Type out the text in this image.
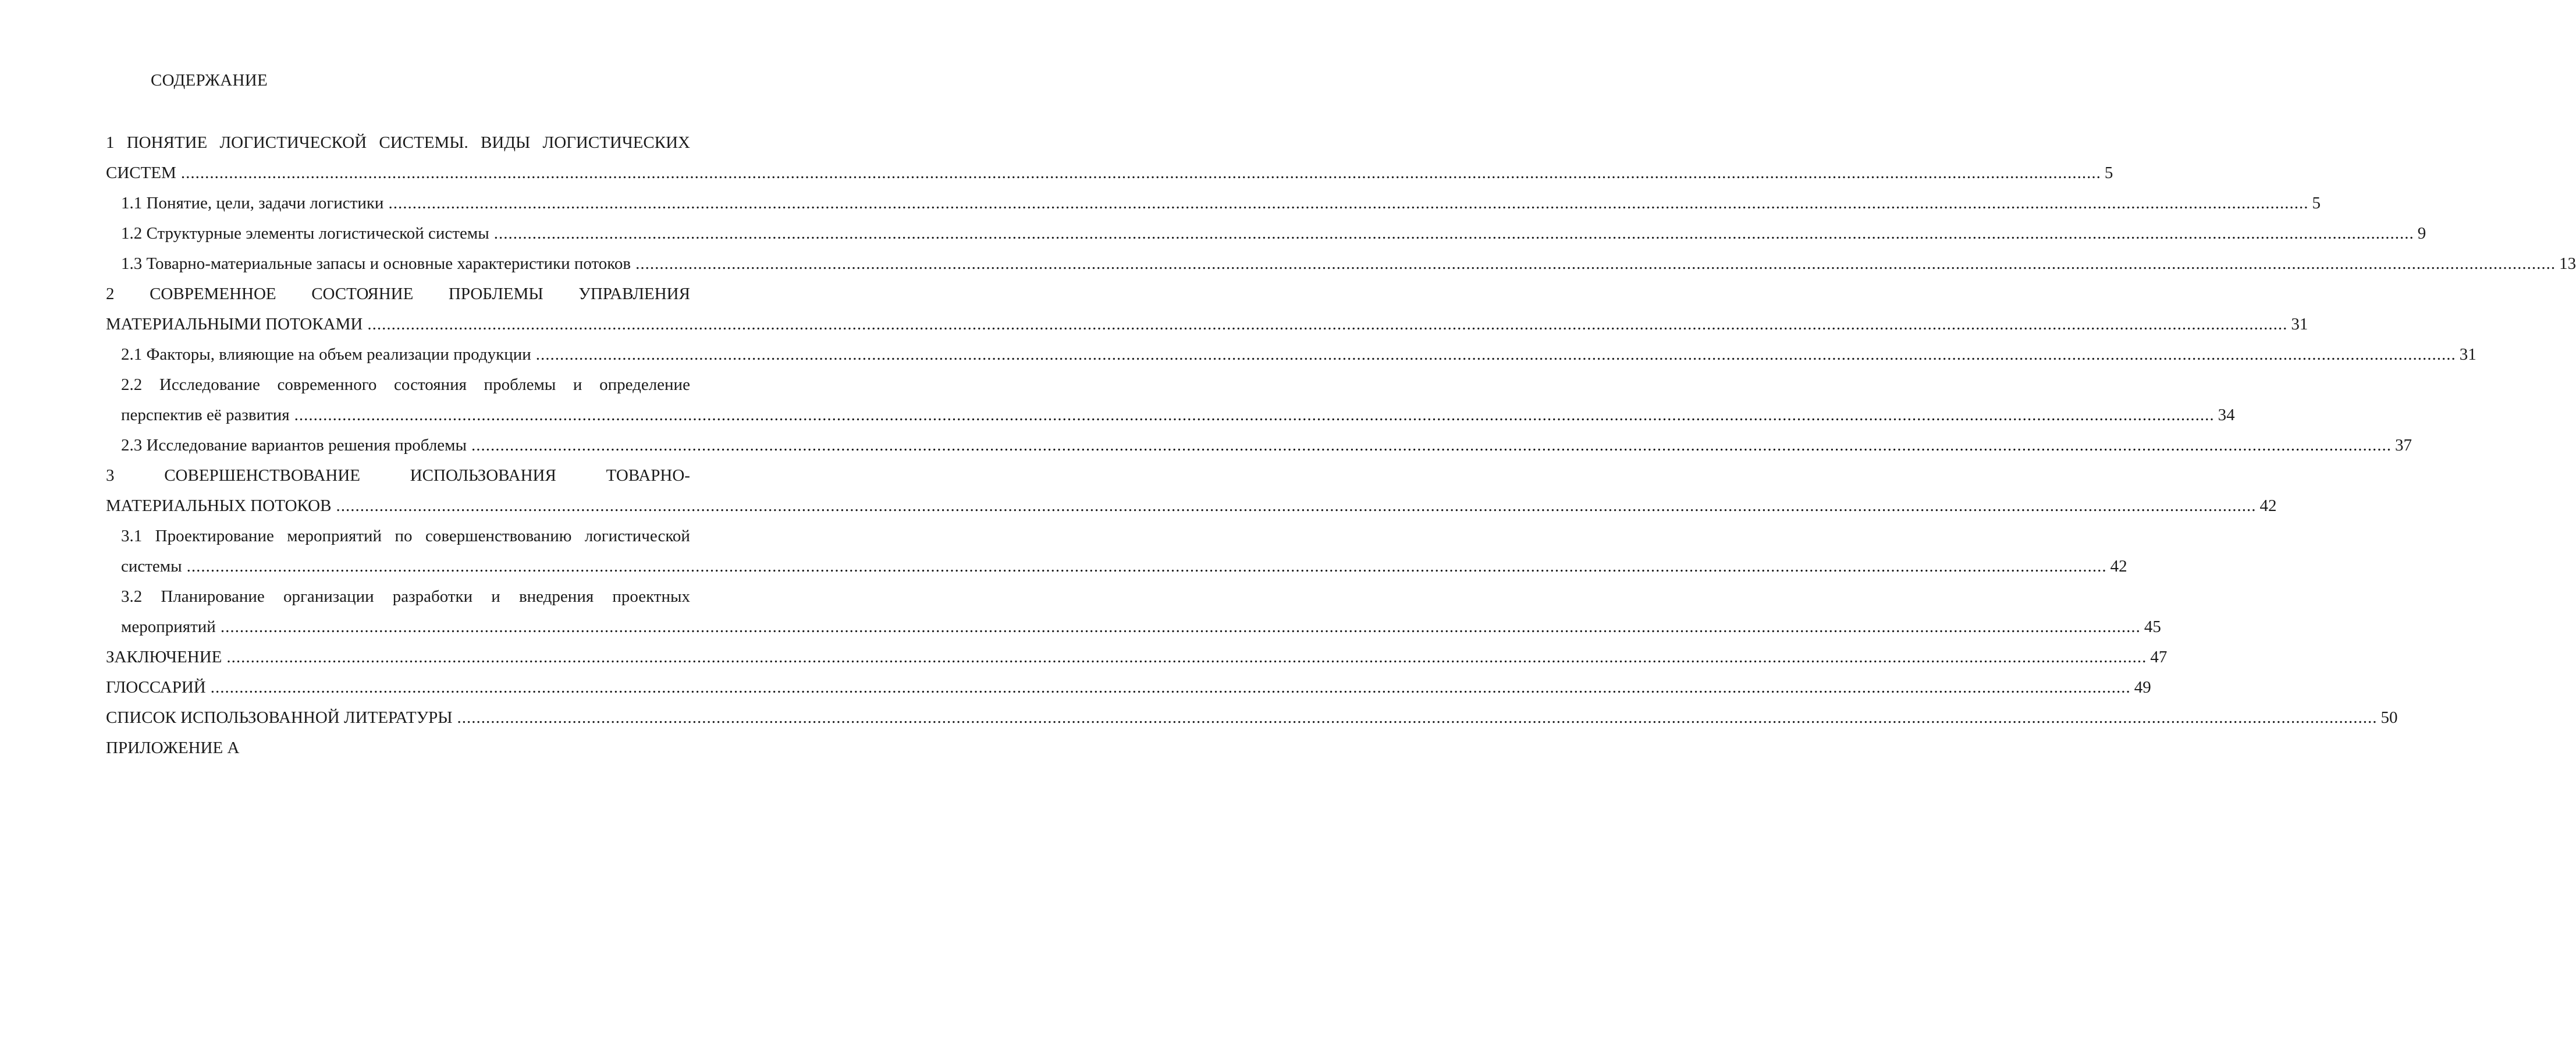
СОДЕРЖАНИЕ
1 ПОНЯТИЕ ЛОГИСТИЧЕСКОЙ СИСТЕМЫ. ВИДЫ ЛОГИСТИЧЕСКИХ
СИСТЕМ ................................................................................................................................................................................................................................................................................................................................................................................................................ 5
1.1 Понятие, цели, задачи логистики ................................................................................................................................................................................................................................................................................................................................................................................................................ 5
1.2 Структурные элементы логистической системы ................................................................................................................................................................................................................................................................................................................................................................................................................ 9
1.3 Товарно-материальные запасы и основные характеристики потоков ................................................................................................................................................................................................................................................................................................................................................................................................................ 13
2 СОВРЕМЕННОЕ СОСТОЯНИЕ ПРОБЛЕМЫ УПРАВЛЕНИЯ
МАТЕРИАЛЬНЫМИ ПОТОКАМИ ................................................................................................................................................................................................................................................................................................................................................................................................................ 31
2.1 Факторы, влияющие на объем реализации продукции ................................................................................................................................................................................................................................................................................................................................................................................................................ 31
2.2 Исследование современного состояния проблемы и определение
перспектив её развития ................................................................................................................................................................................................................................................................................................................................................................................................................ 34
2.3 Исследование вариантов решения проблемы ................................................................................................................................................................................................................................................................................................................................................................................................................ 37
3	СОВЕРШЕНСТВОВАНИЕ	ИСПОЛЬЗОВАНИЯ	ТОВАРНО-
МАТЕРИАЛЬНЫХ ПОТОКОВ ................................................................................................................................................................................................................................................................................................................................................................................................................ 42
3.1 Проектирование мероприятий по совершенствованию логистической
системы ................................................................................................................................................................................................................................................................................................................................................................................................................ 42
3.2 Планирование организации разработки и внедрения проектных
мероприятий ................................................................................................................................................................................................................................................................................................................................................................................................................ 45
ЗАКЛЮЧЕНИЕ ................................................................................................................................................................................................................................................................................................................................................................................................................ 47
ГЛОССАРИЙ ................................................................................................................................................................................................................................................................................................................................................................................................................ 49
СПИСОК ИСПОЛЬЗОВАННОЙ ЛИТЕРАТУРЫ ................................................................................................................................................................................................................................................................................................................................................................................................................ 50
ПРИЛОЖЕНИЕ А
